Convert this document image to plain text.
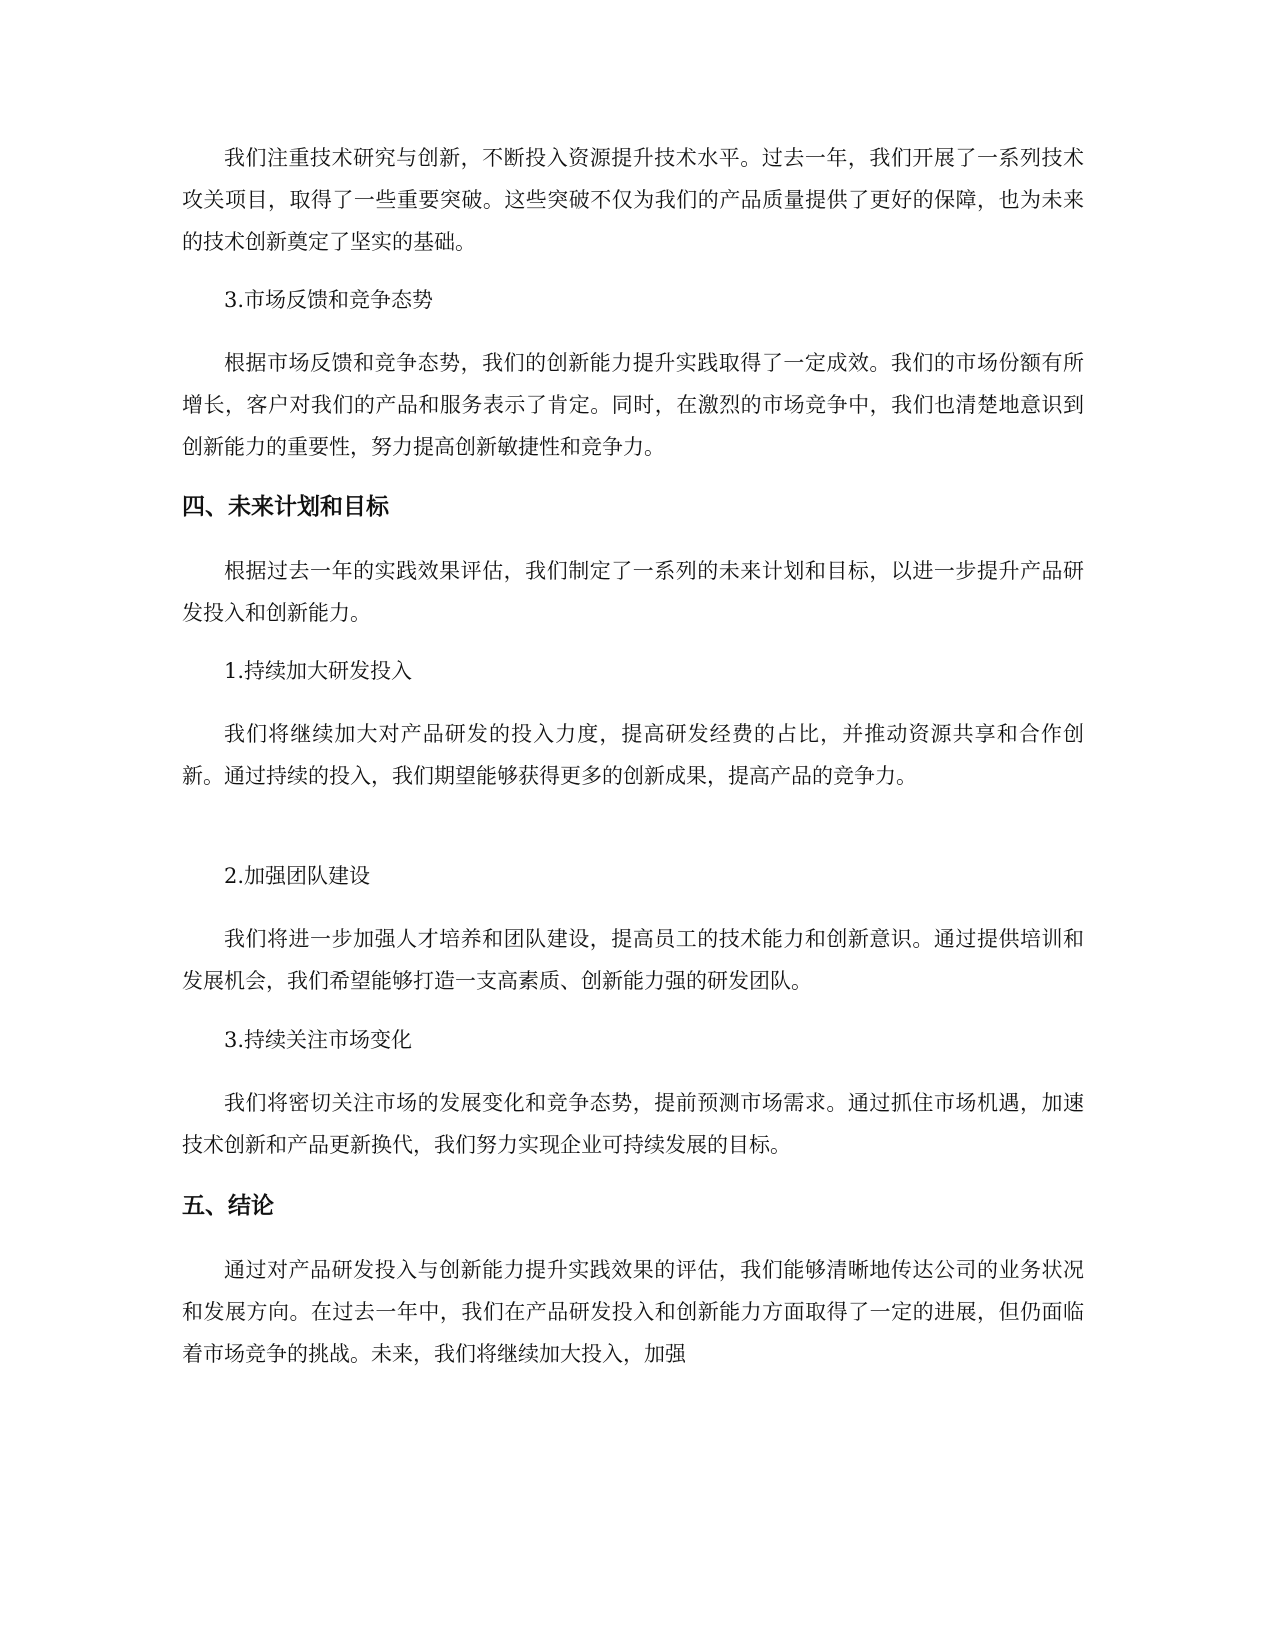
我们注重技术研究与创新，不断投入资源提升技术水平。过去一年，我们开展了一系列技术攻关项目，取得了一些重要突破。这些突破不仅为我们的产品质量提供了更好的保障，也为未来的技术创新奠定了坚实的基础。

3.市场反馈和竞争态势

根据市场反馈和竞争态势，我们的创新能力提升实践取得了一定成效。我们的市场份额有所增长，客户对我们的产品和服务表示了肯定。同时，在激烈的市场竞争中，我们也清楚地意识到创新能力的重要性，努力提高创新敏捷性和竞争力。

四、未来计划和目标

根据过去一年的实践效果评估，我们制定了一系列的未来计划和目标，以进一步提升产品研发投入和创新能力。

1.持续加大研发投入

我们将继续加大对产品研发的投入力度，提高研发经费的占比，并推动资源共享和合作创新。通过持续的投入，我们期望能够获得更多的创新成果，提高产品的竞争力。

2.加强团队建设

我们将进一步加强人才培养和团队建设，提高员工的技术能力和创新意识。通过提供培训和发展机会，我们希望能够打造一支高素质、创新能力强的研发团队。

3.持续关注市场变化

我们将密切关注市场的发展变化和竞争态势，提前预测市场需求。通过抓住市场机遇，加速技术创新和产品更新换代，我们努力实现企业可持续发展的目标。

五、结论

通过对产品研发投入与创新能力提升实践效果的评估，我们能够清晰地传达公司的业务状况和发展方向。在过去一年中，我们在产品研发投入和创新能力方面取得了一定的进展，但仍面临着市场竞争的挑战。未来，我们将继续加大投入，加强
